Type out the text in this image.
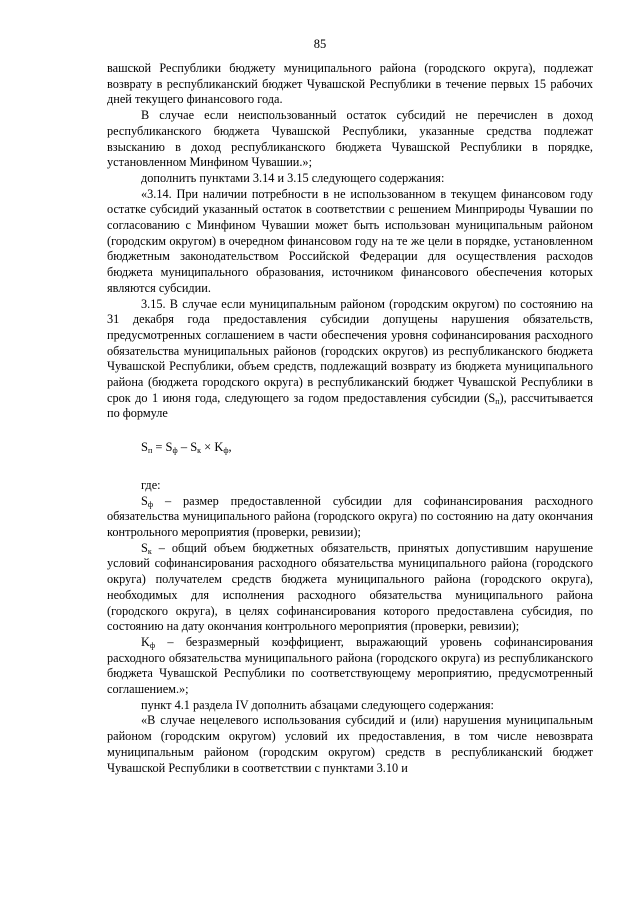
85

вашской Республики бюджету муниципального района (городского округа), подлежат возврату в республиканский бюджет Чувашской Республики в течение первых 15 рабочих дней текущего финансового года.

В случае если неиспользованный остаток субсидий не перечислен в доход республиканского бюджета Чувашской Республики, указанные средства подлежат взысканию в доход республиканского бюджета Чувашской Республики в порядке, установленном Минфином Чувашии.»;

дополнить пунктами 3.14 и 3.15 следующего содержания:

«3.14. При наличии потребности в не использованном в текущем финансовом году остатке субсидий указанный остаток в соответствии с решением Минприроды Чувашии по согласованию с Минфином Чувашии может быть использован муниципальным районом (городским округом) в очередном финансовом году на те же цели в порядке, установленном бюджетным законодательством Российской Федерации для осуществления расходов бюджета муниципального образования, источником финансового обеспечения которых являются субсидии.

3.15. В случае если муниципальным районом (городским округом) по состоянию на 31 декабря года предоставления субсидии допущены нарушения обязательств, предусмотренных соглашением в части обеспечения уровня софинансирования расходного обязательства муниципальных районов (городских округов) из республиканского бюджета Чувашской Республики, объем средств, подлежащий возврату из бюджета муниципального района (бюджета городского округа) в республиканский бюджет Чувашской Республики в срок до 1 июня года, следующего за годом предоставления субсидии $(S_п)$, рассчитывается по формуле

$S_п = S_ф - S_к \times K_ф$,

где:

$S_ф$ – размер предоставленной субсидии для софинансирования расходного обязательства муниципального района (городского округа) по состоянию на дату окончания контрольного мероприятия (проверки, ревизии);

$S_к$ – общий объем бюджетных обязательств, принятых допустившим нарушение условий софинансирования расходного обязательства муниципального района (городского округа) получателем средств бюджета муниципального района (городского округа), необходимых для исполнения расходного обязательства муниципального района (городского округа), в целях софинансирования которого предоставлена субсидия, по состоянию на дату окончания контрольного мероприятия (проверки, ревизии);

$K_ф$ – безразмерный коэффициент, выражающий уровень софинансирования расходного обязательства муниципального района (городского округа) из республиканского бюджета Чувашской Республики по соответствующему мероприятию, предусмотренный соглашением.»;

пункт 4.1 раздела IV дополнить абзацами следующего содержания:

«В случае нецелевого использования субсидий и (или) нарушения муниципальным районом (городским округом) условий их предоставления, в том числе невозврата муниципальным районом (городским округом) средств в республиканский бюджет Чувашской Республики в соответствии с пунктами 3.10 и
